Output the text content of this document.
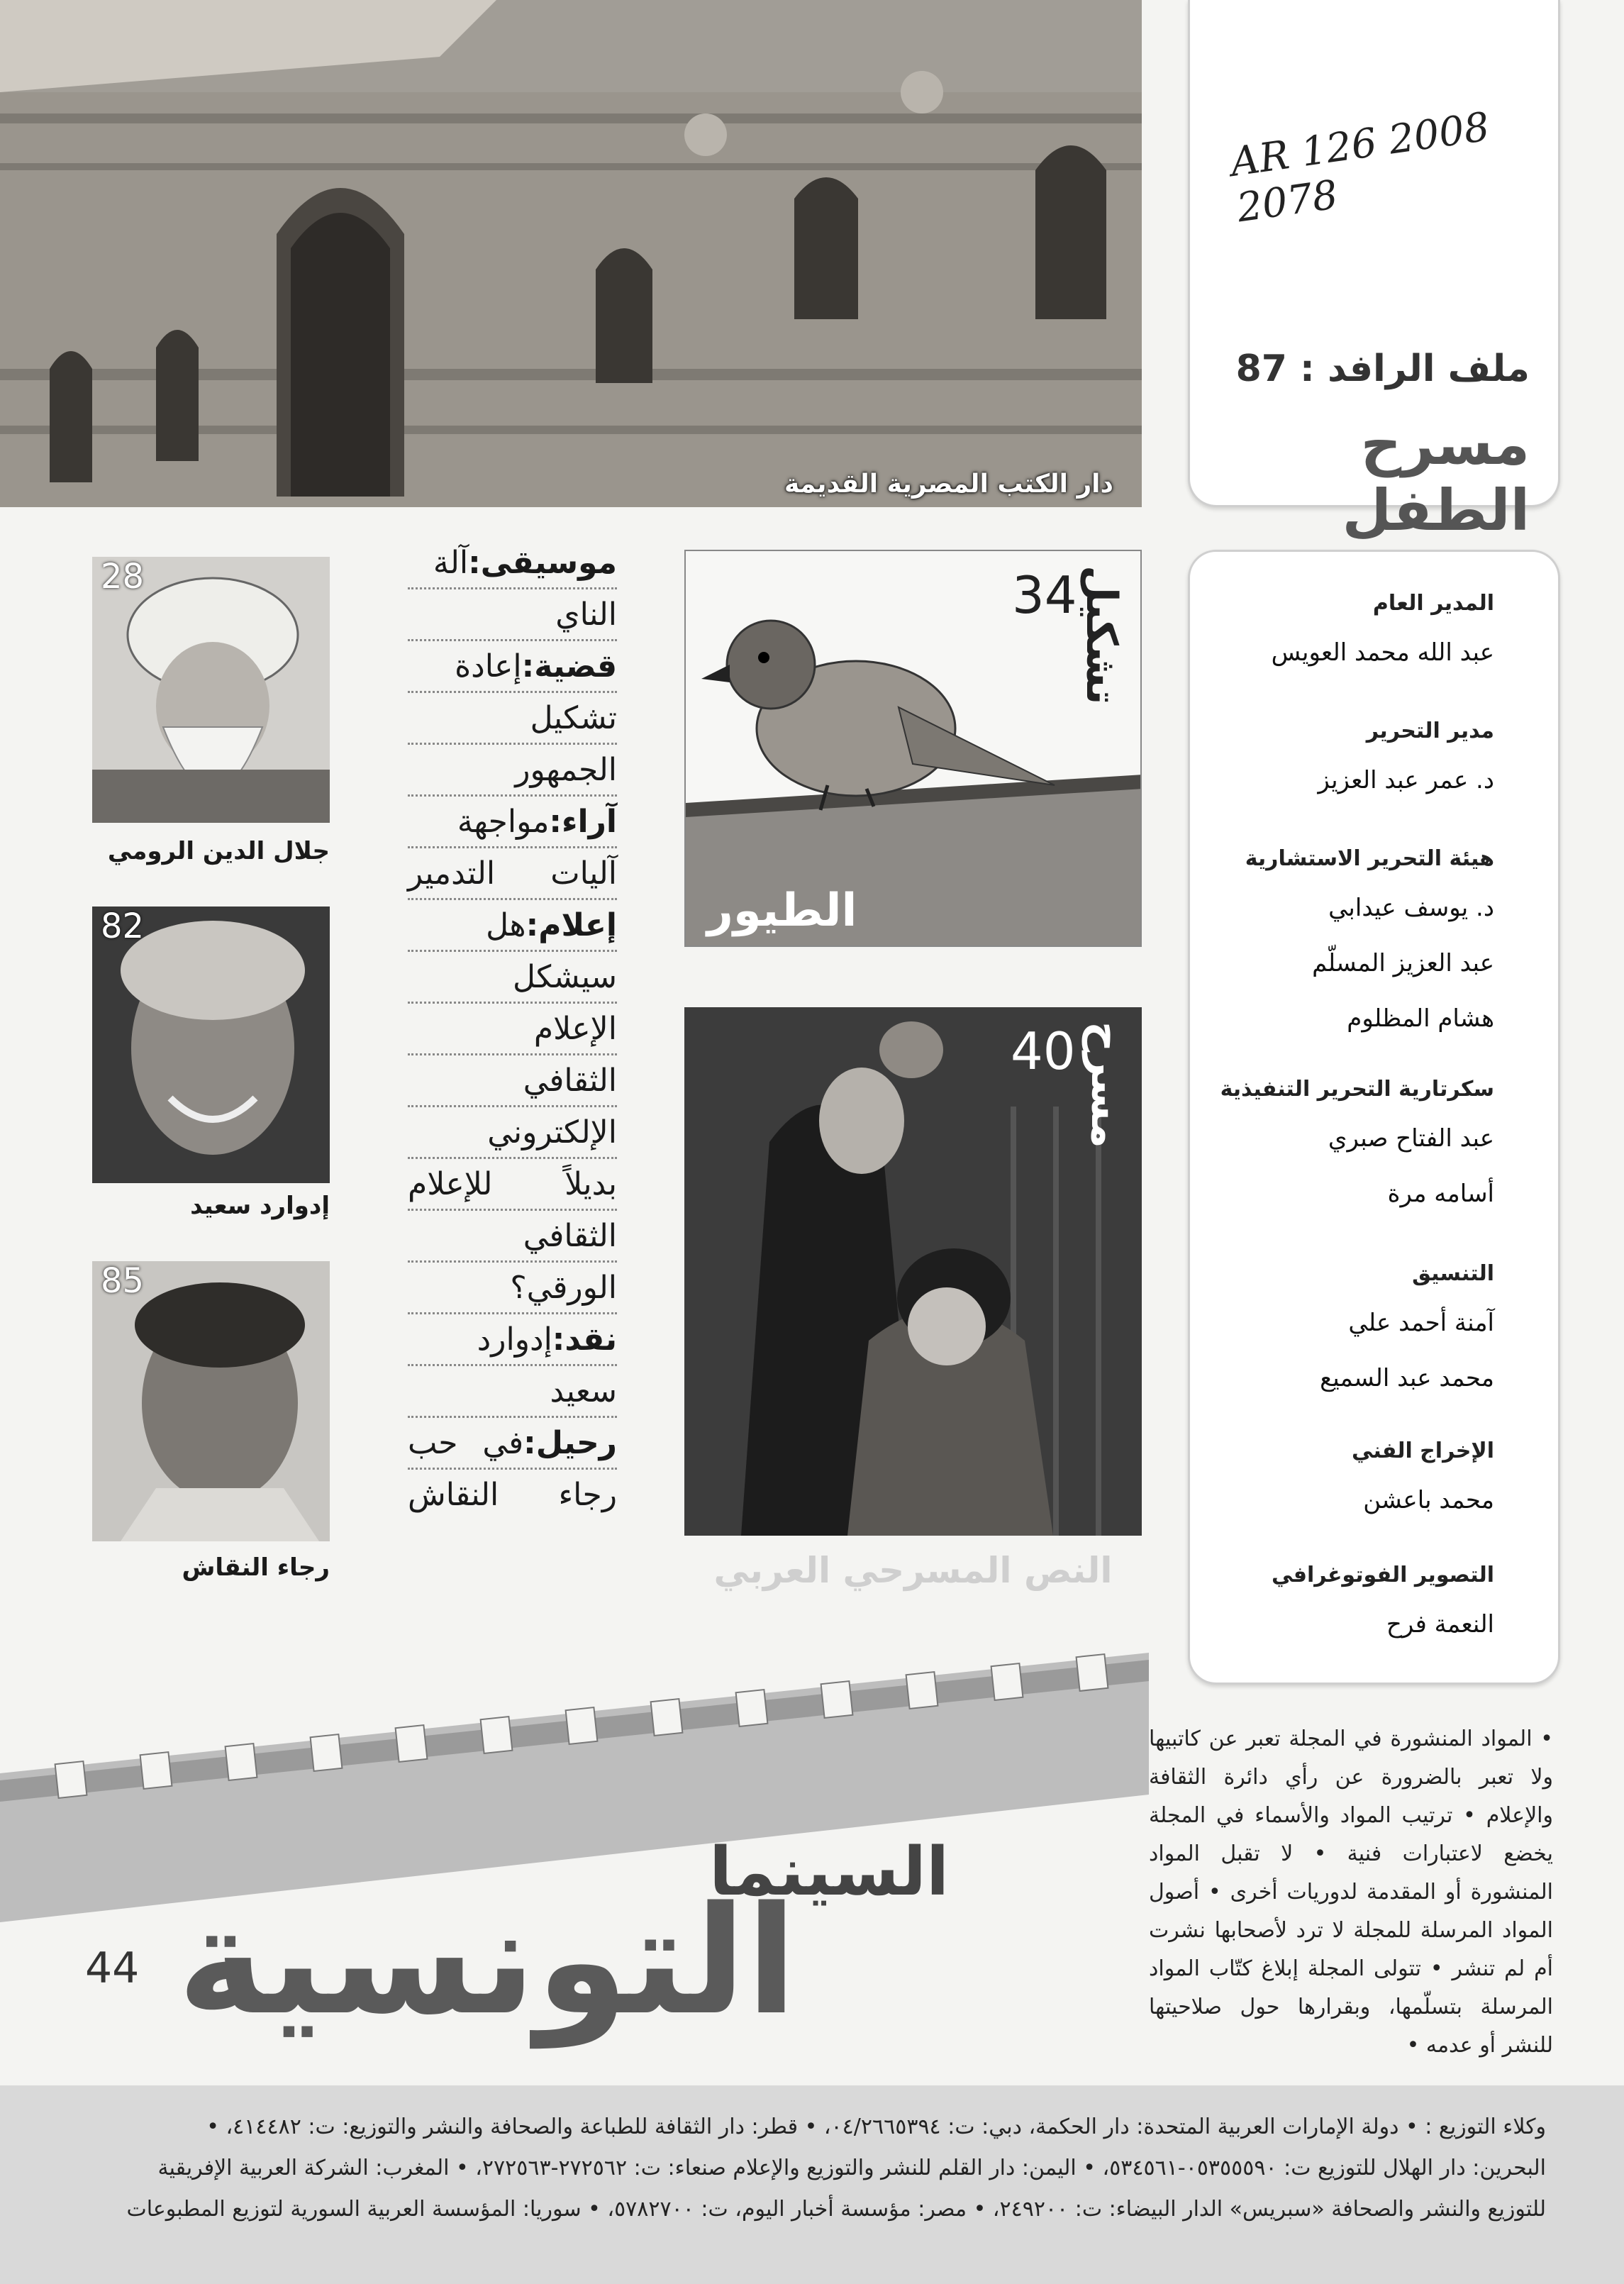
دار الكتب المصرية القديمة
AR 126 2008 2078
ملف الرافد : 87
مسرح الطفل
المدير العام
عبد الله محمد العويس
مدير التحرير
د. عمر عبد العزيز
هيئة التحرير الاستشارية
د. يوسف عيدابي
عبد العزيز المسلّم
هشام المظلوم
سكرتارية التحرير التنفيذية
عبد الفتاح صبري
أسامه مرة
التنسيق
آمنة أحمد علي
محمد عبد السميع
الإخراج الفني
محمد باعشن
التصوير الفوتوغرافي
النعمة فرح
• المواد المنشورة في المجلة تعبر عن كاتبيها ولا تعبر بالضرورة عن رأي دائرة الثقافة والإعلام • ترتيب المواد والأسماء في المجلة يخضع لاعتبارات فنية • لا تقبل المواد المنشورة أو المقدمة لدوريات أخرى • أصول المواد المرسلة للمجلة لا ترد لأصحابها نشرت أم لم تنشر • تتولى المجلة إبلاغ كتّاب المواد المرسلة بتسلّمها، وبقرارها حول صلاحيتها للنشر أو عدمه •
موسيقى:آلة
الناي
قضية:إعادة
تشكيل
الجمهور
آراء:مواجهة
آليات التدمير
إعلام:هل
سيشكل
الإعلام
الثقافي
الإلكتروني
بديلاً للإعلام
الثقافي
الورقي؟
نقد:إدوارد
سعيد
رحيل:في حب
رجاء النقاش
28
جلال الدين الرومي
82
إدوارد سعيد
85
رجاء النقاش
34 تشكيل
الطيور
40 مسرح
النص المسرحي العربي
السينما
التونسية
44
وكلاء التوزيع : • دولة الإمارات العربية المتحدة: دار الحكمة، دبي: ت: ٠٤/٢٦٦٥٣٩٤، • قطر: دار الثقافة للطباعة والصحافة والنشر والتوزيع: ت: ٤١٤٤٨٢، •
البحرين: دار الهلال للتوزيع ت: ٠٥٣٥٥٥٩٠-٥٣٤٥٦١، • اليمن: دار القلم للنشر والتوزيع والإعلام صنعاء: ت: ٢٧٢٥٦٢-٢٧٢٥٦٣، • المغرب: الشركة العربية الإفريقية
للتوزيع والنشر والصحافة «سبريس» الدار البيضاء: ت: ٢٤٩٢٠٠، • مصر: مؤسسة أخبار اليوم، ت: ٥٧٨٢٧٠٠، • سوريا: المؤسسة العربية السورية لتوزيع المطبوعات
